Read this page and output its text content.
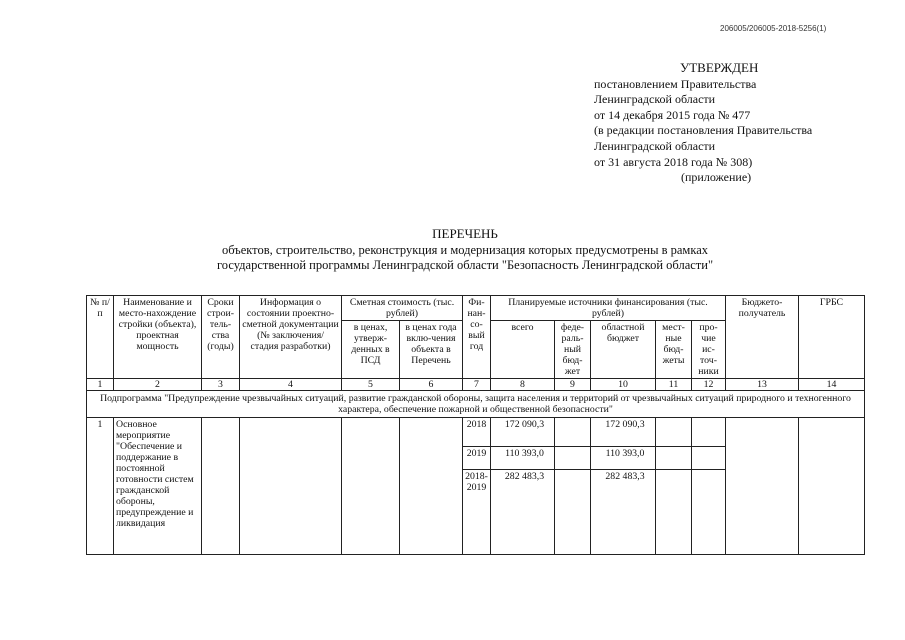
206005/206005-2018-5256(1)
УТВЕРЖДЕН
постановлением Правительства
Ленинградской области
от 14 декабря 2015 года № 477
(в редакции постановления Правительства
Ленинградской области
от 31 августа 2018 года № 308)
(приложение)
ПЕРЕЧЕНЬ
объектов, строительство, реконструкция и модернизация которых предусмотрены в рамках
государственной программы Ленинградской области "Безопасность Ленинградской области"
№ п/п	Наименование и место-нахождение стройки (объекта), проектная мощность	Сроки строи-тель-ства (годы)	Информация о состоянии проектно-сметной документации (№ заключения/ стадия разработки)	Сметная стоимость (тыс. рублей)		Фи-нан-со-вый год	Планируемые источники финансирования (тыс. рублей)					Бюджето-получатель	ГРБС
				в ценах, утверж-денных в ПСД	в ценах года вклю-чения объекта в Перечень		всего	феде-раль-ный бюд-жет	областной бюджет	мест-ные бюд-жеты	про-чие ис-точ-ники		
1	2	3	4	5	6	7	8	9	10	11	12	13	14
Подпрограмма "Предупреждение чрезвычайных ситуаций, развитие гражданской обороны, защита населения и территорий от чрезвычайных ситуаций природного и техногенного характера, обеспечение пожарной и общественной безопасности"													
1	Основное мероприятие "Обеспечение и поддержание в постоянной готовности систем гражданской обороны, предупреждение и ликвидация					2018	172 090,3		172 090,3				
						2019	110 393,0		110 393,0				
						2018-2019	282 483,3		282 483,3				
